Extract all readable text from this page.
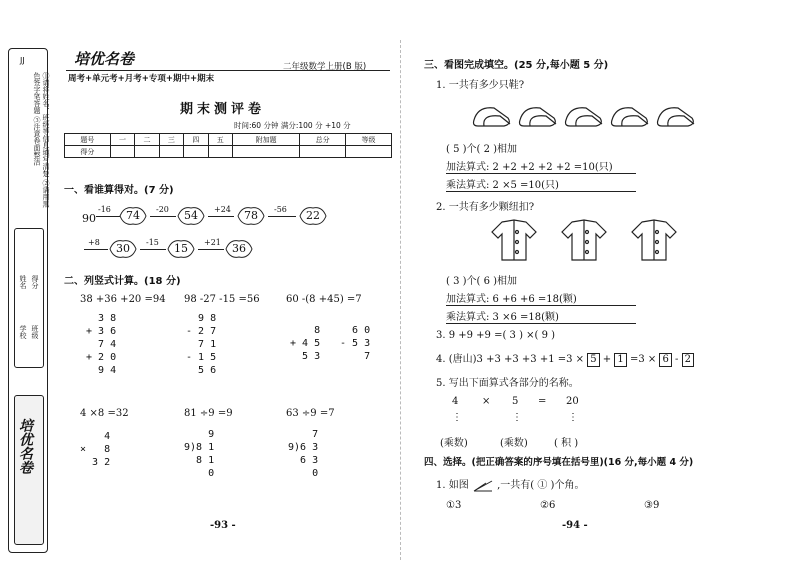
JJ
①请将姓名、班级等信息填写清楚 ②请用黑色签字笔答题 ③注意卷面整洁
姓名 得分
学校 班级
培优名卷
培优名卷
周考+单元考+月考+专项+期中+期末
二年级数学上册(B 版)
期末测评卷
时间:60 分钟 满分:100 分 +10 分
题号	一	二	三	四	五	附加题	总分	等级
得分								
一、看谁算得对。(7 分)
90
-16	74	-20	54	+24	78	-56	22
+8	30	-15	15	+21	36
二、列竖式计算。(18 分)
38 +36 +20 =94 98 -27 -15 =56	60 -(8 +45) =7
3 8
+ 3 6
7 4
+ 2 0
9 4
9 8
- 2 7
7 1
- 1 5
5 6
8
+ 4 5
5 3
6 0
- 5 3
7
4 ×8 =32	81 ÷9 =9	63 ÷9 =7
4
×   8
3 2
9
9)8 1
8 1
0
7
9)6 3
6 3
0
-93 -
三、看图完成填空。(25 分,每小题 5 分)
1. 一共有多少只鞋?
( 5 )个( 2 )相加
加法算式: 2 +2 +2 +2 +2 =10(只)
乘法算式: 2 ×5 =10(只)
2. 一共有多少颗纽扣?
( 3 )个( 6 )相加
加法算式: 6 +6 +6 =18(颗)
乘法算式: 3 ×6 =18(颗)
3. 9 +9 +9 =( 3 ) ×( 9 )
4. (唐山)3 +3 +3 +3 +1 =3 × 5 + 1 =3 × 6 - 2
5. 写出下面算式各部分的名称。
4 × 5 = 20
⋮	⋮	⋮
(乘数)	(乘数)	( 积 )
四、选择。(把正确答案的序号填在括号里)(16 分,每小题 4 分)
1. 如图	,一共有( ① )个角。
①3	②6	③9
-94 -
